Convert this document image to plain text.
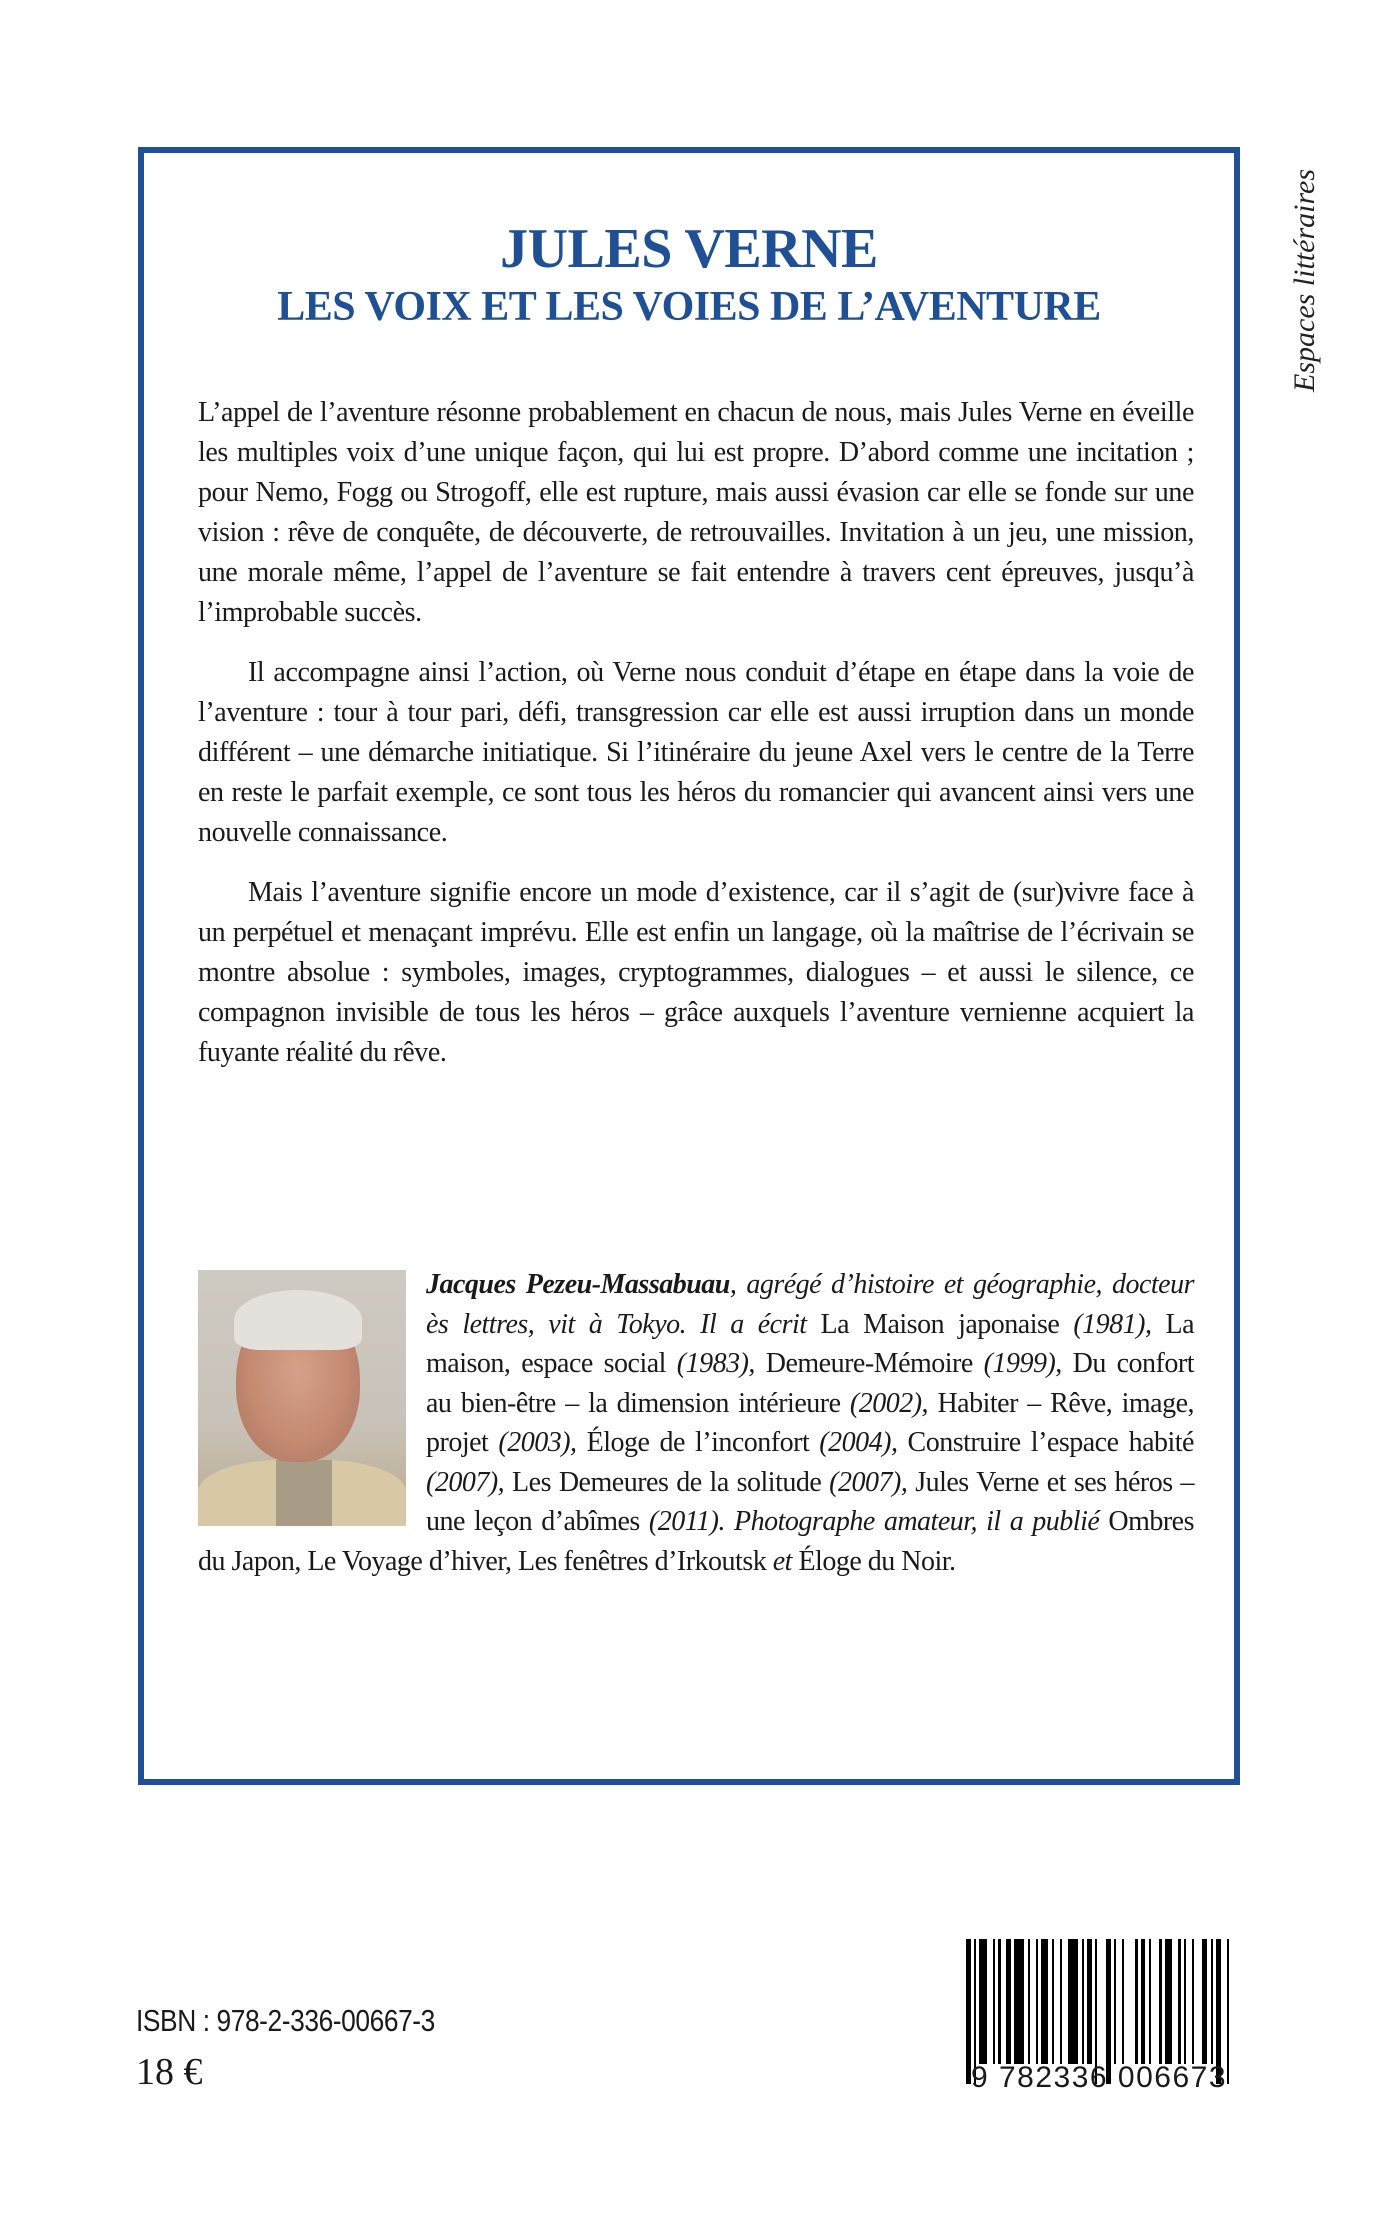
Espaces littéraires
JULES VERNE
LES VOIX ET LES VOIES DE L’AVENTURE

L’appel de l’aventure résonne probablement en chacun de nous, mais Jules Verne en éveille les multiples voix d’une unique façon, qui lui est propre. D’abord comme une incitation ; pour Nemo, Fogg ou Strogoff, elle est rupture, mais aussi évasion car elle se fonde sur une vision : rêve de conquête, de découverte, de retrouvailles. Invitation à un jeu, une mission, une morale même, l’appel de l’aventure se fait entendre à travers cent épreuves, jusqu’à l’improbable succès.

Il accompagne ainsi l’action, où Verne nous conduit d’étape en étape dans la voie de l’aventure : tour à tour pari, défi, transgression car elle est aussi irruption dans un monde différent – une démarche initiatique. Si l’itinéraire du jeune Axel vers le centre de la Terre en reste le parfait exemple, ce sont tous les héros du romancier qui avancent ainsi vers une nouvelle connaissance.

Mais l’aventure signifie encore un mode d’existence, car il s’agit de (sur)vivre face à un perpétuel et menaçant imprévu. Elle est enfin un langage, où la maîtrise de l’écrivain se montre absolue : symboles, images, cryptogrammes, dialogues – et aussi le silence, ce compagnon invisible de tous les héros – grâce auxquels l’aventure vernienne acquiert la fuyante réalité du rêve.

Jacques Pezeu-Massabuau, agrégé d’histoire et géographie, docteur ès lettres, vit à Tokyo. Il a écrit La Maison japonaise (1981), La maison, espace social (1983), Demeure-Mémoire (1999), Du confort au bien-être – la dimension intérieure (2002), Habiter – Rêve, image, projet (2003), Éloge de l’inconfort (2004), Construire l’espace habité (2007), Les Demeures de la solitude (2007), Jules Verne et ses héros – une leçon d’abîmes (2011). Photographe amateur, il a publié Ombres du Japon, Le Voyage d’hiver, Les fenêtres d’Irkoutsk et Éloge du Noir.
ISBN : 978-2-336-00667-3
18 €	9 782336 006673
